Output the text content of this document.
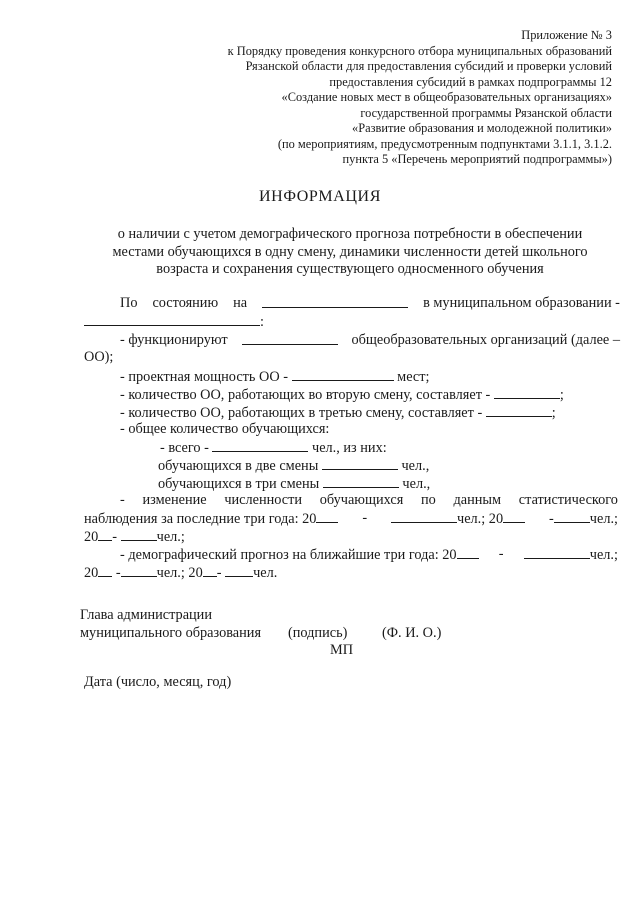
Приложение № 3
к Порядку проведения конкурсного отбора муниципальных образований
Рязанской области для предоставления субсидий и проверки условий
предоставления субсидий в рамках подпрограммы 12
«Создание новых мест в общеобразовательных организациях»
государственной программы Рязанской области
«Развитие образования и молодежной политики»
(по мероприятиям, предусмотренным подпунктами 3.1.1, 3.1.2.
пункта 5 «Перечень мероприятий подпрограммы»)
ИНФОРМАЦИЯ
о наличии с учетом демографического прогноза потребности в обеспечении
местами обучающихся в одну смену, динамики численности детей школьного
возраста и сохранения существующего односменного обучения
По состоянию на	в муниципальном образовании -
:
- функционируют	общеобразовательных организаций (далее –
ОО);
- проектная мощность ОО -	мест;
- количество ОО, работающих во вторую смену, составляет -	;
- количество ОО, работающих в третью смену, составляет -	;
- общее количество обучающихся:
- всего -	чел., из них:
обучающихся в две смены	чел.,
обучающихся в три смены	чел.,
- изменение численности обучающихся по данным статистического
наблюдения за последние три года: 20	-	чел.; 20	-	чел.;
20 -	чел.;
- демографический прогноз на ближайшие три года: 20	-	чел.;
20 -	чел.; 20 - чел.
Глава администрации
муниципального образования (подпись) (Ф. И. О.)
МП
Дата (число, месяц, год)
